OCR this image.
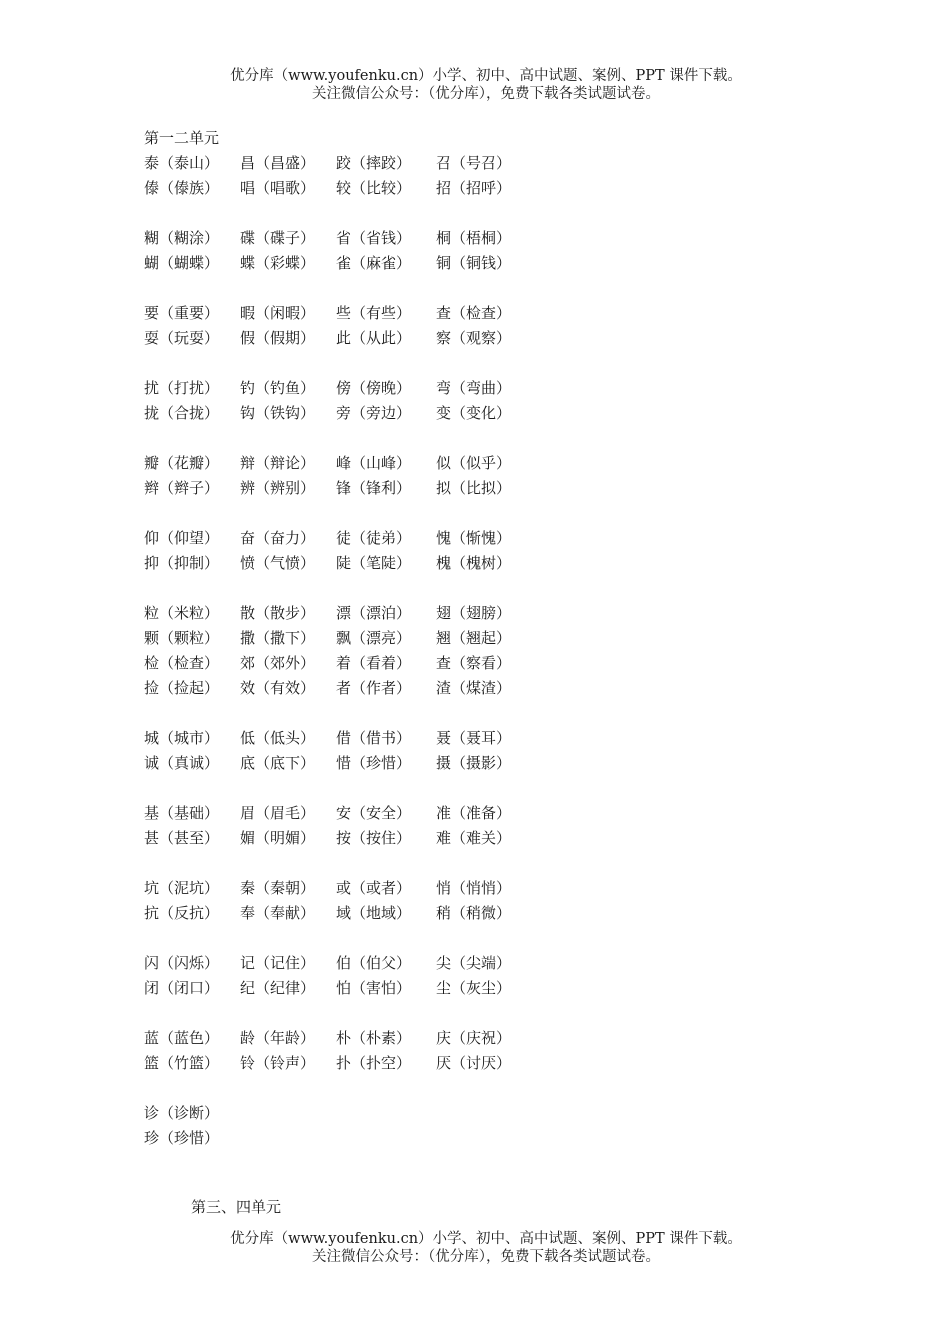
优分库（www.youfenku.cn）小学、初中、高中试题、案例、PPT 课件下载。
关注微信公众号：（优分库），免费下载各类试题试卷。
第一二单元
泰（泰山）	昌（昌盛）	跤（摔跤）	召（号召）
傣（傣族）	唱（唱歌）	较（比较）	招（招呼）
糊（糊涂）	碟（碟子）	省（省钱）	桐（梧桐）
蝴（蝴蝶）	蝶（彩蝶）	雀（麻雀）	铜（铜钱）
要（重要）	暇（闲暇）	些（有些）	查（检查）
耍（玩耍）	假（假期）	此（从此）	察（观察）
扰（打扰）	钓（钓鱼）	傍（傍晚）	弯（弯曲）
拢（合拢）	钩（铁钩）	旁（旁边）	变（变化）
瓣（花瓣）	辩（辩论）	峰（山峰）	似（似乎）
辫（辫子）	辨（辨别）	锋（锋利）	拟（比拟）
仰（仰望）	奋（奋力）	徒（徒弟）	愧（惭愧）
抑（抑制）	愤（气愤）	陡（笔陡）	槐（槐树）
粒（米粒）	散（散步）	漂（漂泊）	翅（翅膀）
颗（颗粒）	撒（撒下）	飘（漂亮）	翘（翘起）
检（检查）	郊（郊外）	着（看着）	查（察看）
捡（捡起）	效（有效）	者（作者）	渣（煤渣）
城（城市）	低（低头）	借（借书）	聂（聂耳）
诚（真诚）	底（底下）	惜（珍惜）	摄（摄影）
基（基础）	眉（眉毛）	安（安全）	准（准备）
甚（甚至）	媚（明媚）	按（按住）	难（难关）
坑（泥坑）	秦（秦朝）	或（或者）	悄（悄悄）
抗（反抗）	奉（奉献）	域（地域）	稍（稍微）
闪（闪烁）	记（记住）	伯（伯父）	尖（尖端）
闭（闭口）	纪（纪律）	怕（害怕）	尘（灰尘）
蓝（蓝色）	龄（年龄）	朴（朴素）	庆（庆祝）
篮（竹篮）	铃（铃声）	扑（扑空）	厌（讨厌）
诊（诊断）
珍（珍惜）
第三、四单元
优分库（www.youfenku.cn）小学、初中、高中试题、案例、PPT 课件下载。
关注微信公众号：（优分库），免费下载各类试题试卷。
